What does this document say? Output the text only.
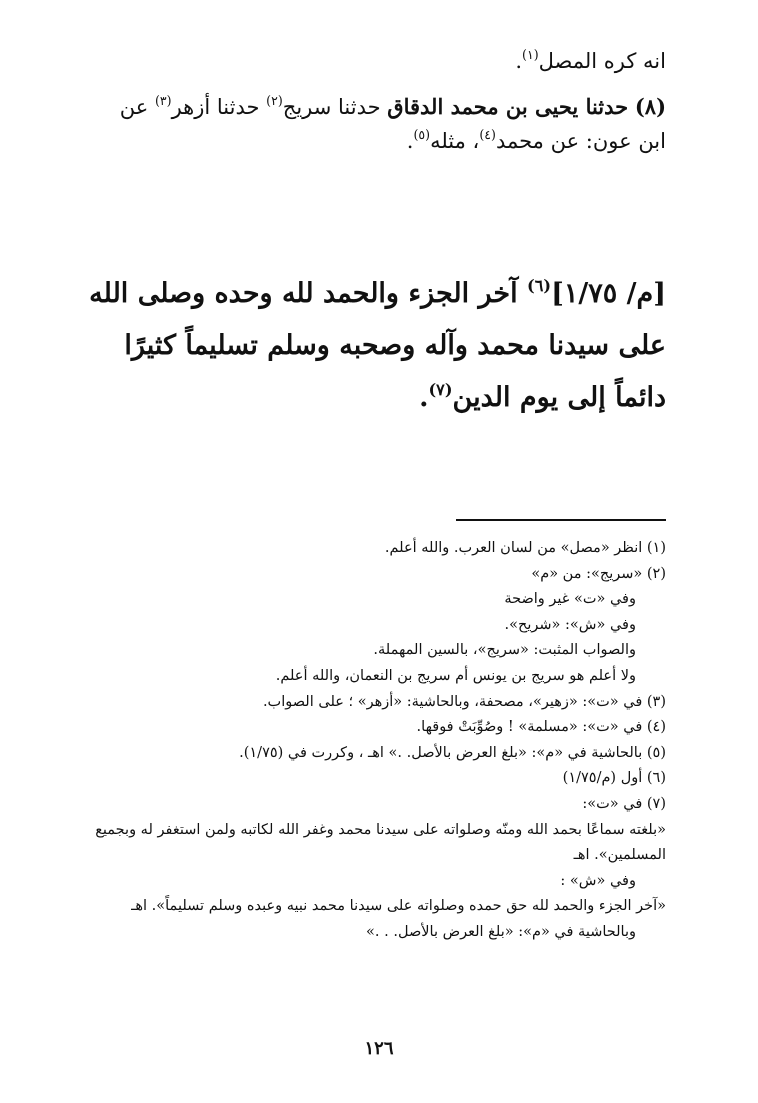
انه كره المصل$^{(١)}$.
(٨) حدثنا يحيى بن محمد الدقاق حدثنا سريج$^{(٢)}$ حدثنا أزهر$^{(٣)}$ عن ابن عون: عن محمد$^{(٤)}$، مثله$^{(٥)}$.
[م/ ١/٧٥]$^{(٦)}$ آخر الجزء والحمد لله وحده وصلى الله على سيدنا محمد وآله وصحبه وسلم تسليماً كثيرًا دائماً إلى يوم الدين$^{(٧)}$.
(١) انظر «مصل» من لسان العرب. والله أعلم.
(٢) «سريج»: من «م»
وفي «ت» غير واضحة
وفي «ش»: «شريح».
والصواب المثبت: «سريج»، بالسين المهملة.
ولا أعلم هو سريج بن يونس أم سريج بن النعمان، والله أعلم.
(٣) في «ت»: «زهير»، مصحفة، وبالحاشية: «أزهر» ؛ على الصواب.
(٤) في «ت»: «مسلمة» ! وصُوِّبَتْ فوقها.
(٥) بالحاشية في «م»: «بلغ العرض بالأصل. .» اهـ ، وكررت في (١/٧٥).
(٦) أول (م/١/٧٥)
(٧) في «ت»:
«بلغته سماعًا بحمد الله ومنّه وصلواته على سيدنا محمد وغفر الله لكاتبه ولمن استغفر له وبجميع المسلمين». اهـ
وفي «ش» :
«آخر الجزء والحمد لله حق حمده وصلواته على سيدنا محمد نبيه وعبده وسلم تسليماً». اهـ
وبالحاشية في «م»: «بلغ العرض بالأصل. . .»
١٢٦
